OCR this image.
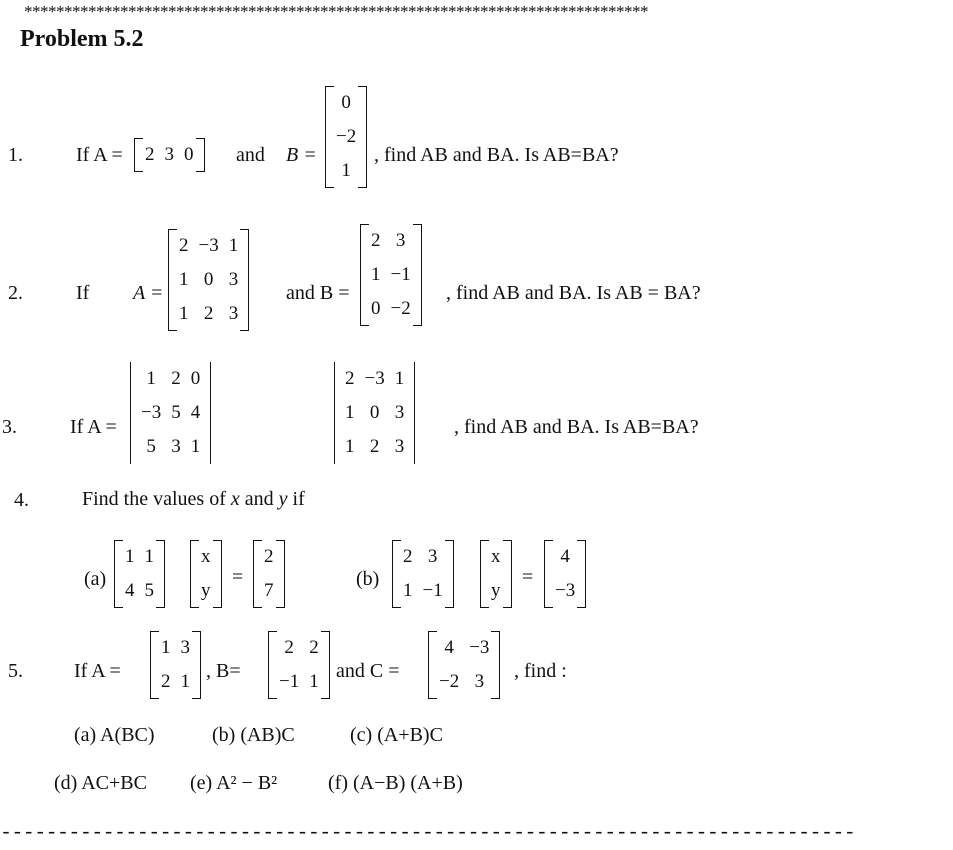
******************************************************************************
Problem 5.2
1.	If A = 2	3	0 and B =
0
−2
1
, find AB and BA. Is AB=BA?
2.	If A =
2	−3	1
1	0	3
1	2	3
and B =
2	3
1	−1
0	−2
, find AB and BA. Is AB = BA?
3.	If A =
1	2	0
−3	5	4
5	3	1
2	−3	1
1	0	3
1	2	3
, find AB and BA. Is AB=BA?
4.	Find the values of x and y if
(a)
1	1
4	5
x
y
=
2
7
(b)
2	3
1	−1
x
y
=
4
−3
5.	If A =
1	3
2	1 , B=
2	2
−1	1 and C =
4	−3
−2	3 , find :
(a) A(BC)	(b) (AB)C	(c) (A+B)C
(d) AC+BC (e) A² − B²	(f) (A−B) (A+B)
---------------------------------------------------------------------------
